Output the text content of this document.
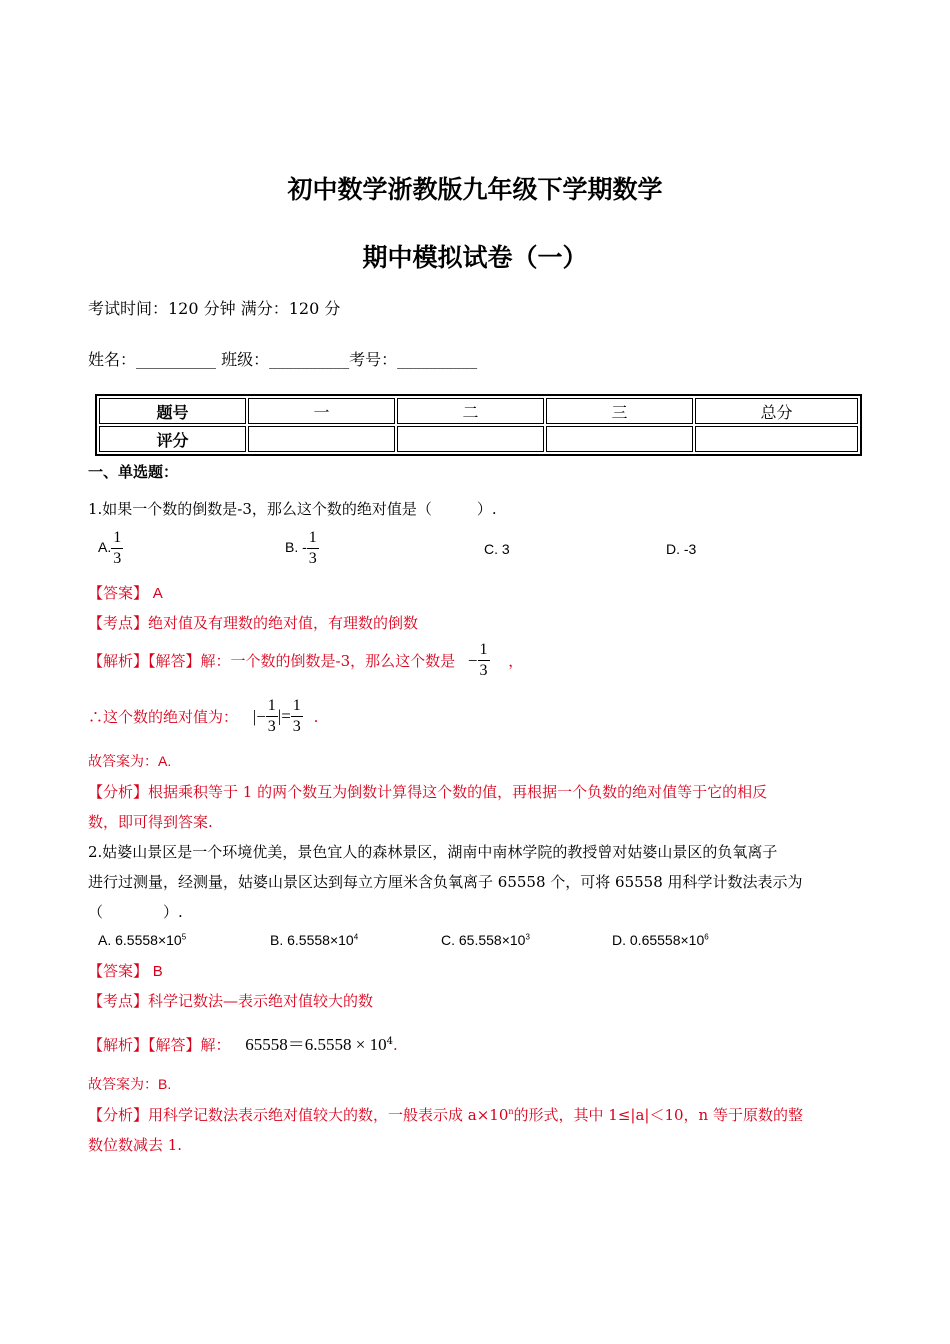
初中数学浙教版九年级下学期数学
期中模拟试卷（一）
考试时间：120 分钟 满分：120 分
姓名：__________ 班级：__________考号：__________
题号	一	二	三	总分
评分				
一、单选题：
1.如果一个数的倒数是-3，那么这个数的绝对值是（　　　）.
A. $\frac{1}{3}$	B. - $\frac{1}{3}$	C. 3	D. -3
【答案】 A
【考点】绝对值及有理数的绝对值，有理数的倒数
【解析】【解答】解：一个数的倒数是-3，那么这个数是 − $\frac{1}{3}$ ，
∴这个数的绝对值为： |− $\frac{1}{3}$ |= $\frac{1}{3}$ .
故答案为：A.
【分析】根据乘积等于 1 的两个数互为倒数计算得这个数的值，再根据一个负数的绝对值等于它的相反
数，即可得到答案.
2.姑婆山景区是一个环境优美，景色宜人的森林景区，湖南中南林学院的教授曾对姑婆山景区的负氧离子
进行过测量，经测量，姑婆山景区达到每立方厘米含负氧离子 65558 个，可将 65558 用科学计数法表示为
（　　　　）.
A. $6.5558\times 10^5$	B. $6.5558\times 10^4$	C. $65.558\times 10^3$	D. $0.65558\times 10^6$
【答案】 B
【考点】科学记数法—表示绝对值较大的数
【解析】【解答】解： $65558=6.5558 \times 10^4$.
故答案为：B.
【分析】用科学记数法表示绝对值较大的数，一般表示成 $a\times 10^n$的形式，其中 1≤|a|＜10，n 等于原数的整
数位数减去 1.
